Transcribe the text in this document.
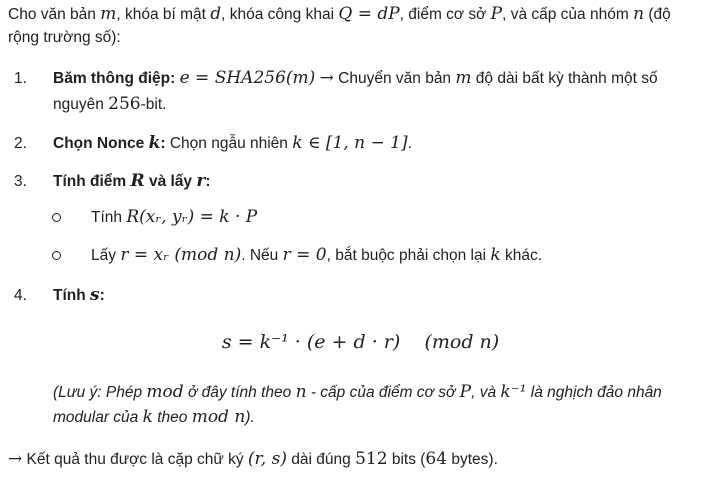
Cho văn bản m, khóa bí mật d, khóa công khai Q = dP, điểm cơ sở P, và cấp của nhóm n (độ
rộng trường số):
1. Băm thông điệp: e = SHA256(m) → Chuyển văn bản m độ dài bất kỳ thành một số
nguyên 256-bit.
2. Chọn Nonce k: Chọn ngẫu nhiên k ∈ [1, n − 1].
3. Tính điểm R và lấy r:
Tính R(xᵣ, yᵣ) = k · P
Lấy r = xᵣ (mod n). Nếu r = 0, bắt buộc phải chọn lại k khác.
4. Tính s:
s = k⁻¹ · (e + d · r)    (mod n)
(Lưu ý: Phép mod ở đây tính theo n - cấp của điểm cơ sở P, và k⁻¹ là nghịch đảo nhân
modular của k theo mod n).
→ Kết quả thu được là cặp chữ ký (r, s) dài đúng 512 bits (64 bytes).
